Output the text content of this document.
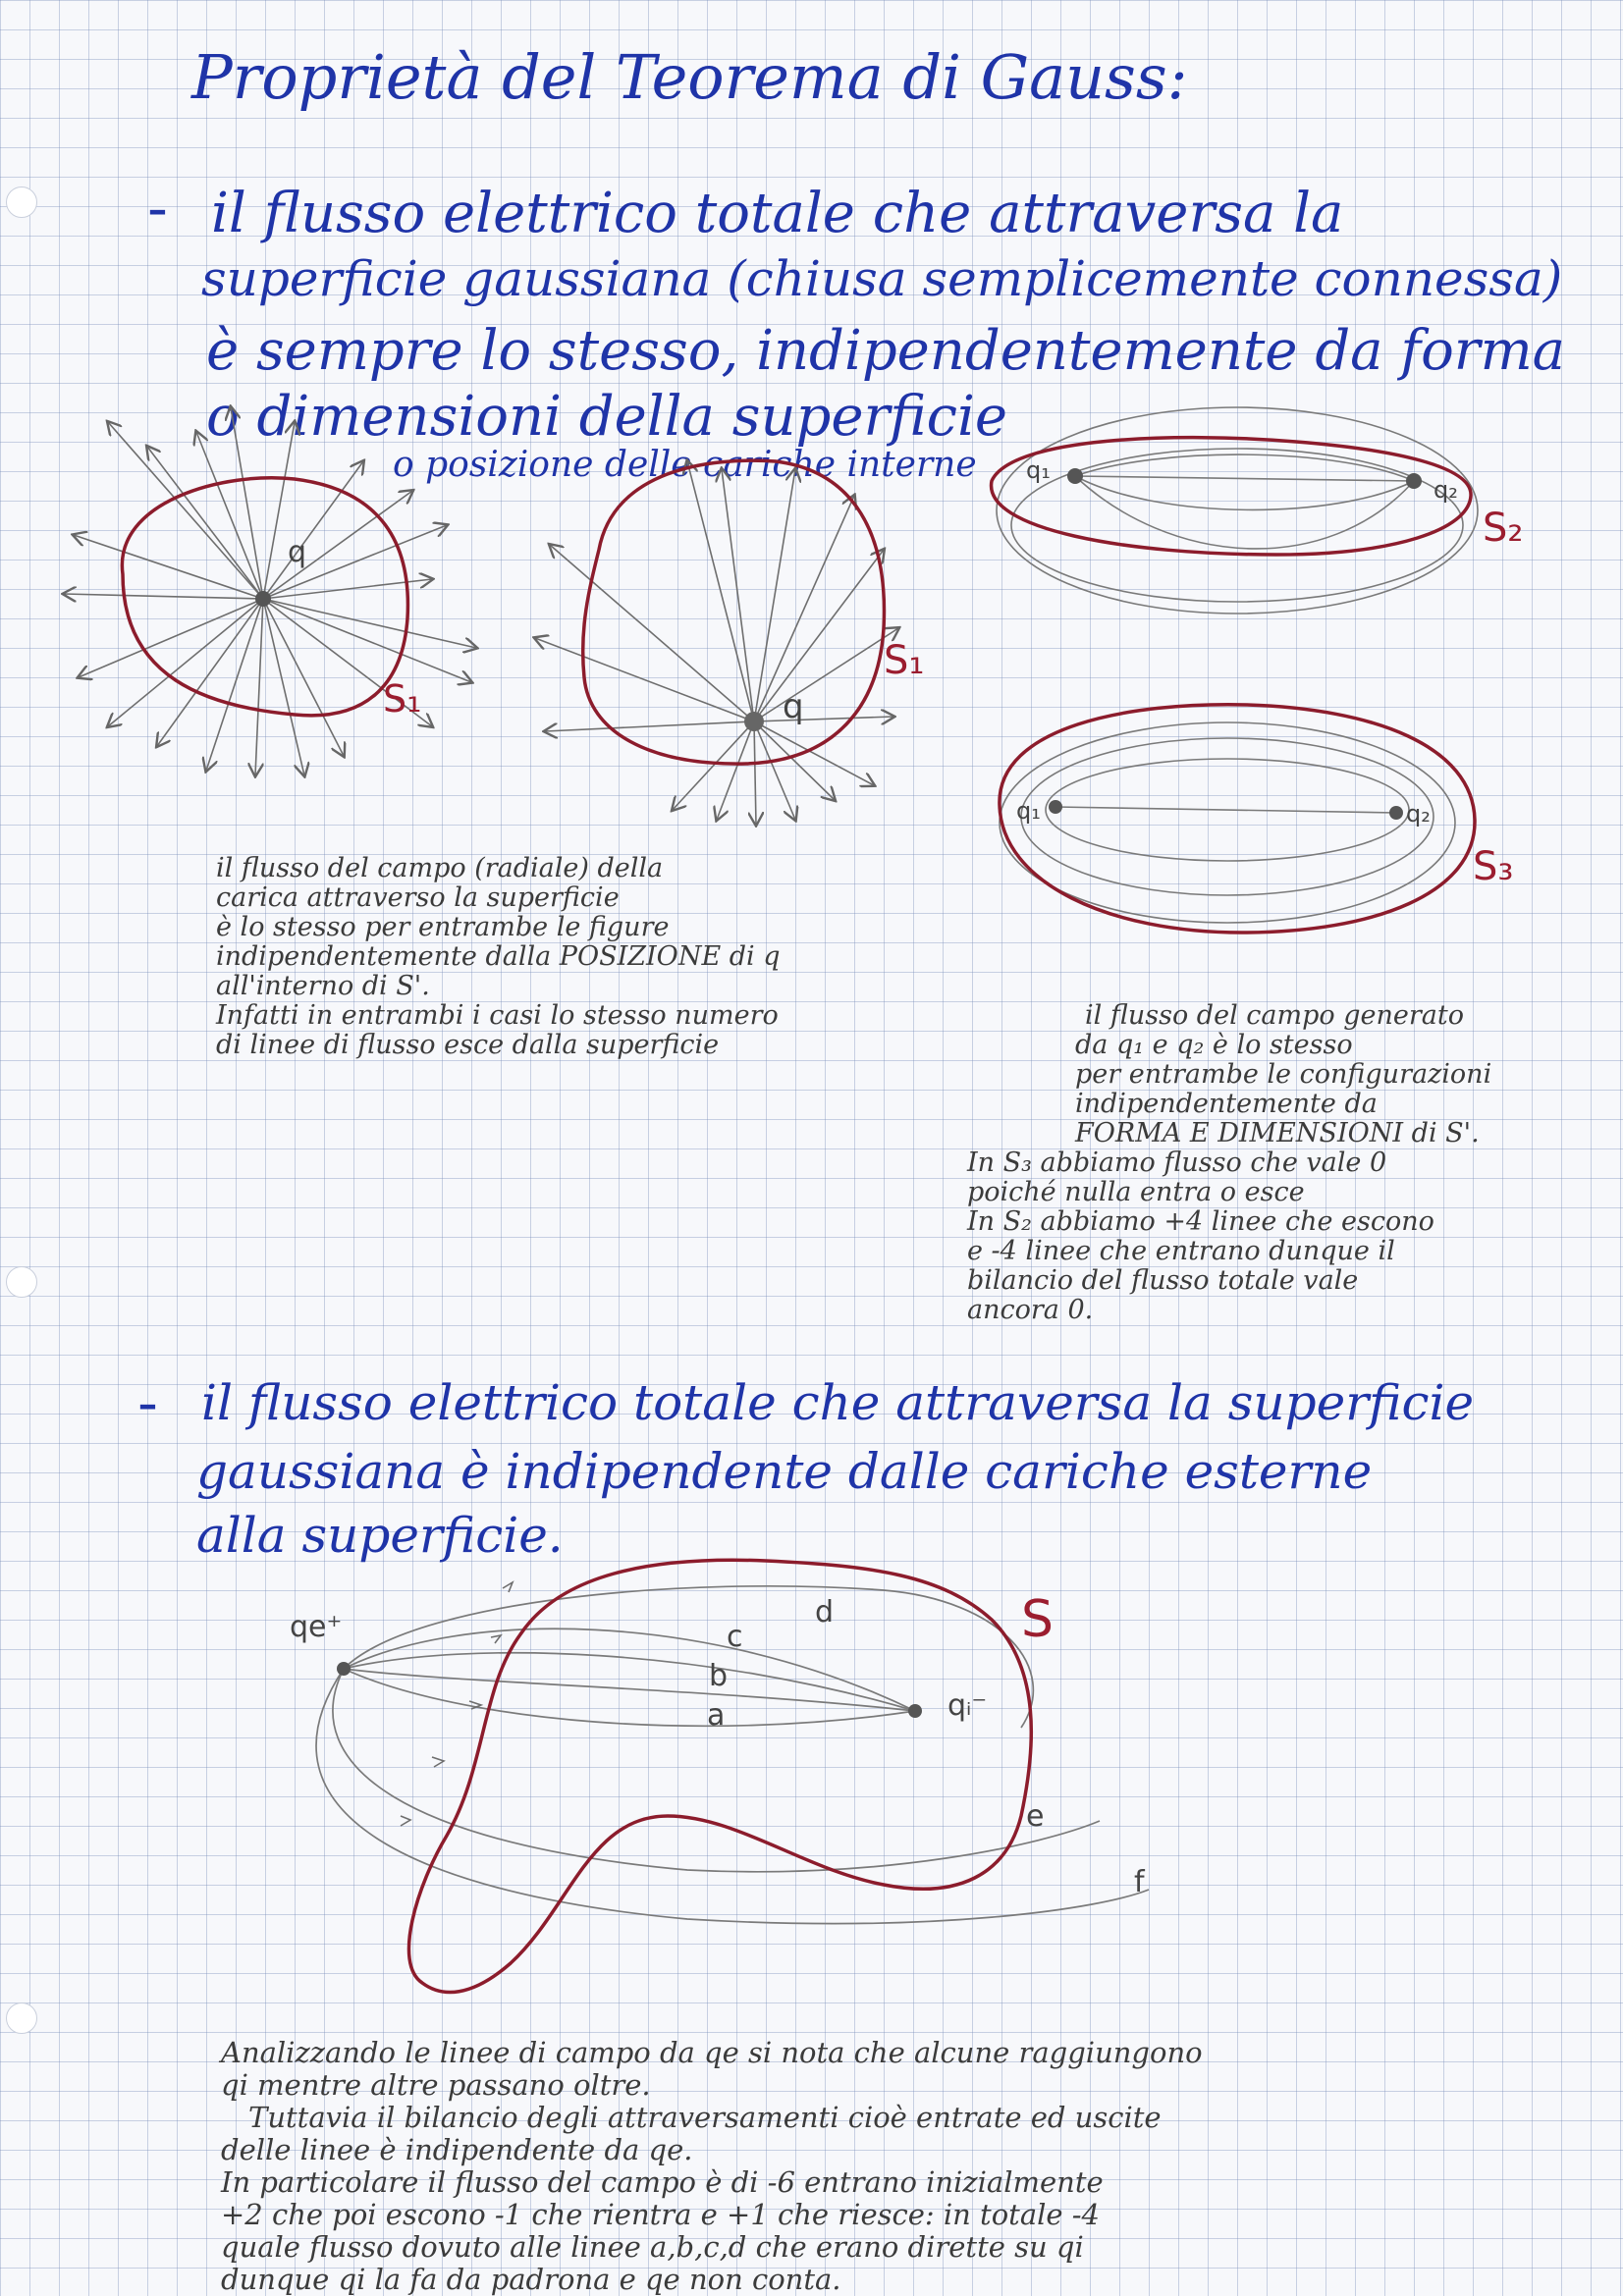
Proprietà del Teorema di Gauss:
- il flusso elettrico totale che attraversa la
superficie gaussiana (chiusa semplicemente connessa)
è sempre lo stesso, indipendentemente da forma
o dimensioni della superficie
o posizione delle cariche interne
q
S₁	q
S₁
q₁
q₂
S₂
q₁	q₂
S₃
qe⁺
qᵢ⁻
S
a
b
c
d
e
f
il flusso del campo (radiale) della
carica attraverso la superficie
è lo stesso per entrambe le figure
indipendentemente dalla POSIZIONE di q
all'interno di S'.
Infatti in entrambi i casi lo stesso numero
di linee di flusso esce dalla superficie
il flusso del campo generato
da q₁ e q₂ è lo stesso
per entrambe le configurazioni
indipendentemente da
FORMA E DIMENSIONI di S'.
In S₃ abbiamo flusso che vale 0
poiché nulla entra o esce
In S₂ abbiamo +4 linee che escono
e -4 linee che entrano dunque il
bilancio del flusso totale vale
ancora 0.
- il flusso elettrico totale che attraversa la superficie
gaussiana è indipendente dalle cariche esterne
alla superficie.
Analizzando le linee di campo da qe si nota che alcune raggiungono
qi mentre altre passano oltre.
Tuttavia il bilancio degli attraversamenti cioè entrate ed uscite
delle linee è indipendente da qe.
In particolare il flusso del campo è di -6 entrano inizialmente
+2 che poi escono -1 che rientra e +1 che riesce: in totale -4
quale flusso dovuto alle linee a,b,c,d che erano dirette su qi
dunque qi la fa da padrona e qe non conta.
